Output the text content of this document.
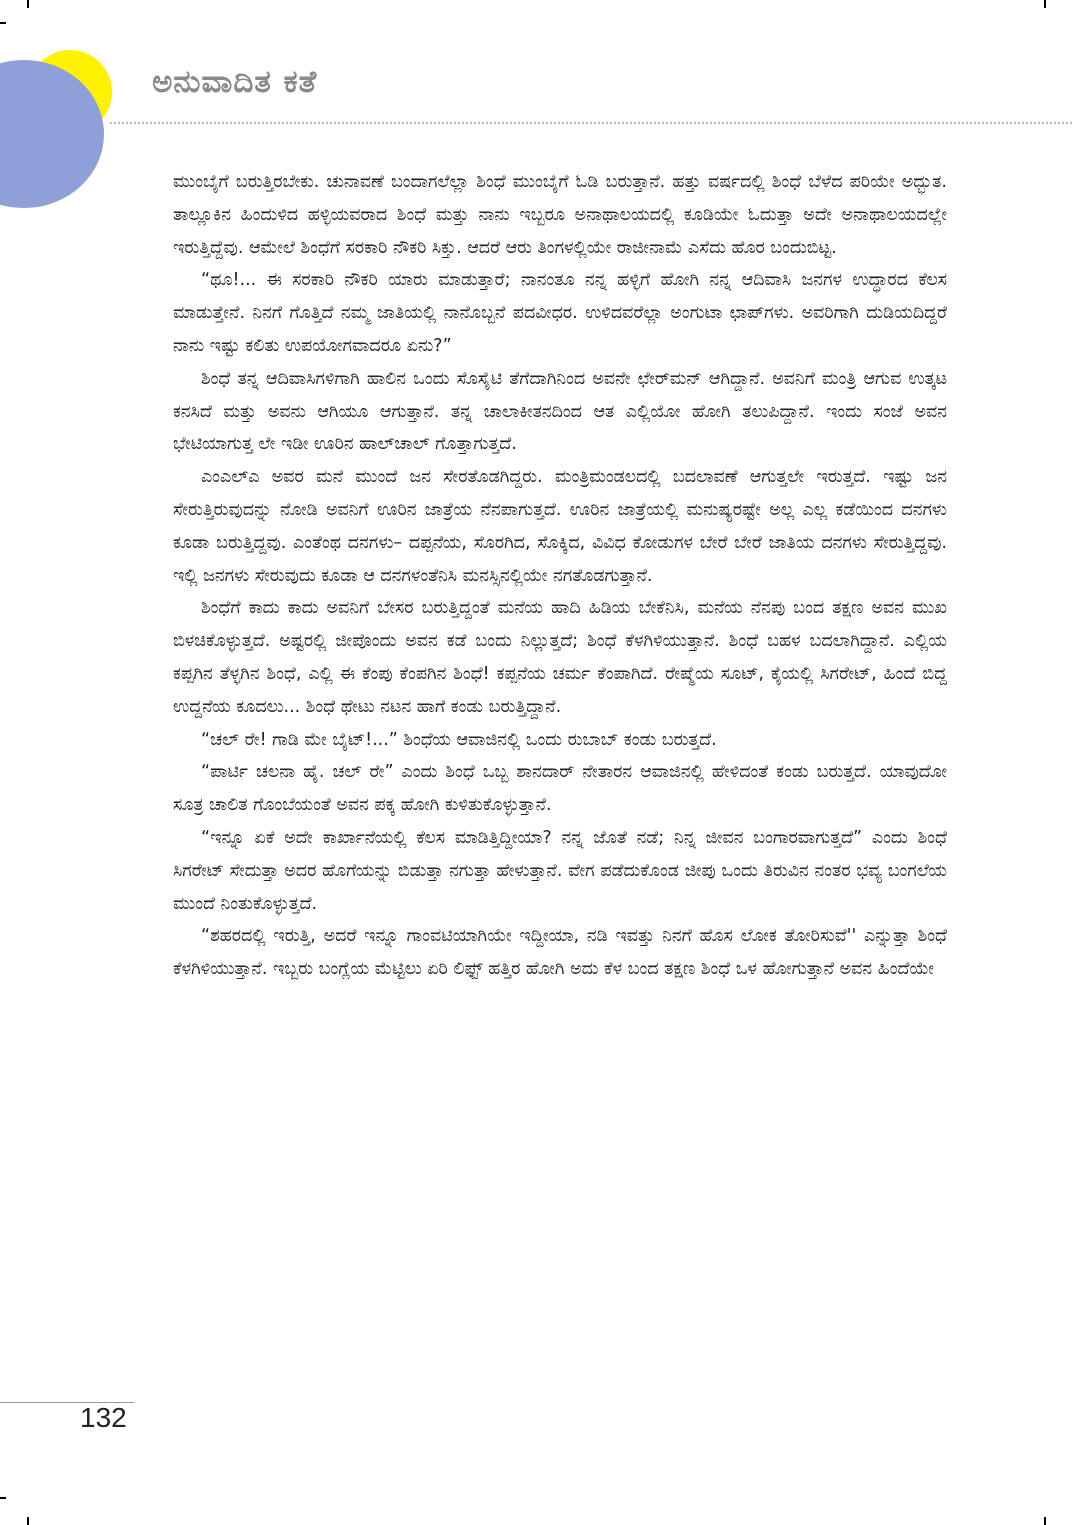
ಅನುವಾದಿತ ಕತೆ

ಮುಂಬೈಗೆ ಬರುತ್ತಿರಬೇಕು. ಚುನಾವಣೆ ಬಂದಾಗಲೆಲ್ಲಾ ಶಿಂಧೆ ಮುಂಬೈಗೆ ಓಡಿ ಬರುತ್ತಾನೆ. ಹತ್ತು ವರ್ಷದಲ್ಲಿ ಶಿಂಧೆ ಬೆಳೆದ ಪರಿಯೇ ಅದ್ಭುತ. ತಾಲ್ಲೂಕಿನ ಹಿಂದುಳಿದ ಹಳ್ಳಿಯವರಾದ ಶಿಂಧೆ ಮತ್ತು ನಾನು ಇಬ್ಬರೂ ಅನಾಥಾಲಯದಲ್ಲಿ ಕೂಡಿಯೇ ಓದುತ್ತಾ ಅದೇ ಅನಾಥಾಲಯದಲ್ಲೇ ಇರುತ್ತಿದ್ದೆವು. ಆಮೇಲೆ ಶಿಂಧೆಗೆ ಸರಕಾರಿ ನೌಕರಿ ಸಿಕ್ತು. ಆದರೆ ಆರು ತಿಂಗಳಲ್ಲಿಯೇ ರಾಜೀನಾಮೆ ಎಸೆದು ಹೊರ ಬಂದುಬಿಟ್ಟ.

“ಥೂ!... ಈ ಸರಕಾರಿ ನೌಕರಿ ಯಾರು ಮಾಡುತ್ತಾರೆ; ನಾನಂತೂ ನನ್ನ ಹಳ್ಳಿಗೆ ಹೋಗಿ ನನ್ನ ಆದಿವಾಸಿ ಜನಗಳ ಉದ್ಧಾರದ ಕೆಲಸ ಮಾಡುತ್ತೇನೆ. ನಿನಗೆ ಗೊತ್ತಿದೆ ನಮ್ಮ ಜಾತಿಯಲ್ಲಿ ನಾನೊಬ್ಬನೆ ಪದವೀಧರ. ಉಳಿದವರೆಲ್ಲಾ ಅಂಗುಟಾ ಛಾಪ್‌ಗಳು. ಅವರಿಗಾಗಿ ದುಡಿಯದಿದ್ದರೆ ನಾನು ಇಷ್ಟು ಕಲಿತು ಉಪಯೋಗವಾದರೂ ಏನು?”

ಶಿಂಧೆ ತನ್ನ ಆದಿವಾಸಿಗಳಿಗಾಗಿ ಹಾಲಿನ ಒಂದು ಸೊಸೈಟಿ ತೆಗೆದಾಗಿನಿಂದ ಅವನೇ ಛೇರ್‌ಮನ್ ಆಗಿದ್ದಾನೆ. ಅವನಿಗೆ ಮಂತ್ರಿ ಆಗುವ ಉತ್ಕಟ ಕನಸಿದೆ ಮತ್ತು ಅವನು ಆಗಿಯೂ ಆಗುತ್ತಾನೆ. ತನ್ನ ಚಾಲಾಕೀತನದಿಂದ ಆತ ಎಲ್ಲಿಯೋ ಹೋಗಿ ತಲುಪಿದ್ದಾನೆ. ಇಂದು ಸಂಜೆ ಅವನ ಭೇಟಿಯಾಗುತ್ತ ಲೇ ಇಡೀ ಊರಿನ ಹಾಲ್‌ಚಾಲ್ ಗೊತ್ತಾಗುತ್ತದೆ.

ಎಂಎಲ್‌ಎ ಅವರ ಮನೆ ಮುಂದೆ ಜನ ಸೇರತೊಡಗಿದ್ದರು. ಮಂತ್ರಿಮಂಡಲದಲ್ಲಿ ಬದಲಾವಣೆ ಆಗುತ್ತಲೇ ಇರುತ್ತದೆ. ಇಷ್ಟು ಜನ ಸೇರುತ್ತಿರುವುದನ್ನು ನೋಡಿ ಅವನಿಗೆ ಊರಿನ ಜಾತ್ರೆಯ ನೆನಪಾಗುತ್ತದೆ. ಊರಿನ ಜಾತ್ರೆಯಲ್ಲಿ ಮನುಷ್ಯರಷ್ಟೇ ಅಲ್ಲ ಎಲ್ಲ ಕಡೆಯಿಂದ ದನಗಳು ಕೂಡಾ ಬರುತ್ತಿದ್ದವು. ಎಂತೆಂಥ ದನಗಳು– ದಪ್ಪನೆಯ, ಸೊರಗಿದ, ಸೊಕ್ಕಿದ, ವಿವಿಧ ಕೋಡುಗಳ ಬೇರೆ ಬೇರೆ ಜಾತಿಯ ದನಗಳು ಸೇರುತ್ತಿದ್ದವು. ಇಲ್ಲಿ ಜನಗಳು ಸೇರುವುದು ಕೂಡಾ ಆ ದನಗಳಂತೆನಿಸಿ ಮನಸ್ಸಿನಲ್ಲಿಯೇ ನಗತೊಡಗುತ್ತಾನೆ.

ಶಿಂಧೆಗೆ ಕಾದು ಕಾದು ಅವನಿಗೆ ಬೇಸರ ಬರುತ್ತಿದ್ದಂತೆ ಮನೆಯ ಹಾದಿ ಹಿಡಿಯ ಬೇಕೆನಿಸಿ, ಮನೆಯ ನೆನಪು ಬಂದ ತಕ್ಷಣ ಅವನ ಮುಖ ಬಿಳಚಿಕೊಳ್ಳುತ್ತದೆ. ಅಷ್ಟರಲ್ಲಿ ಜೀಪೊಂದು ಅವನ ಕಡೆ ಬಂದು ನಿಲ್ಲುತ್ತದೆ; ಶಿಂಧೆ ಕೆಳಗಿಳಿಯುತ್ತಾನೆ. ಶಿಂಧೆ ಬಹಳ ಬದಲಾಗಿದ್ದಾನೆ. ಎಲ್ಲಿಯ ಕಪ್ಪಗಿನ ತೆಳ್ಳಗಿನ ಶಿಂಧೆ, ಎಲ್ಲಿ ಈ ಕೆಂಪು ಕೆಂಪಗಿನ ಶಿಂಧೆ! ಕಪ್ಪನೆಯ ಚರ್ಮ ಕೆಂಪಾಗಿದೆ. ರೇಷ್ಮೆಯ ಸೂಟ್, ಕೈಯಲ್ಲಿ ಸಿಗರೇಟ್, ಹಿಂದೆ ಬಿದ್ದ ಉದ್ದನೆಯ ಕೂದಲು... ಶಿಂಧೆ ಥೇಟು ನಟನ ಹಾಗೆ ಕಂಡು ಬರುತ್ತಿದ್ದಾನೆ.

“ಚಲ್ ರೇ! ಗಾಡಿ ಮೇ ಬೈಟ್!...” ಶಿಂಧೆಯ ಆವಾಜಿನಲ್ಲಿ ಒಂದು ರುಬಾಬ್ ಕಂಡು ಬರುತ್ತದೆ.

“ಪಾರ್ಟಿ ಚಲನಾ ಹೈ. ಚಲ್ ರೇ” ಎಂದು ಶಿಂಧೆ ಒಬ್ಬ ಶಾನದಾರ್ ನೇತಾರನ ಆವಾಜಿನಲ್ಲಿ ಹೇಳಿದಂತೆ ಕಂಡು ಬರುತ್ತದೆ. ಯಾವುದೋ ಸೂತ್ರ ಚಾಲಿತ ಗೊಂಬೆಯಂತೆ ಅವನ ಪಕ್ಕ ಹೋಗಿ ಕುಳಿತುಕೊಳ್ಳುತ್ತಾನೆ.

“ಇನ್ನೂ ಏಕೆ ಅದೇ ಕಾರ್ಖಾನೆಯಲ್ಲಿ ಕೆಲಸ ಮಾಡಿತ್ತಿದ್ದೀಯಾ? ನನ್ನ ಜೊತೆ ನಡೆ; ನಿನ್ನ ಜೀವನ ಬಂಗಾರವಾಗುತ್ತದೆ” ಎಂದು ಶಿಂಧೆ ಸಿಗರೇಟ್ ಸೇದುತ್ತಾ ಅದರ ಹೊಗೆಯನ್ನು ಬಿಡುತ್ತಾ ನಗುತ್ತಾ ಹೇಳುತ್ತಾನೆ. ವೇಗ ಪಡೆದುಕೊಂಡ ಜೀಪು ಒಂದು ತಿರುವಿನ ನಂತರ ಭವ್ಯ ಬಂಗಲೆಯ ಮುಂದೆ ನಿಂತುಕೊಳ್ಳುತ್ತದೆ.

“ಶಹರದಲ್ಲಿ ಇರುತ್ತಿ, ಅದರೆ ಇನ್ನೂ ಗಾಂವಟಿಯಾಗಿಯೇ ಇದ್ದೀಯಾ, ನಡಿ ಇವತ್ತು ನಿನಗೆ ಹೊಸ ಲೋಕ ತೋರಿಸುವೆ'' ಎನ್ನುತ್ತಾ ಶಿಂಧೆ ಕೆಳಗಿಳಿಯುತ್ತಾನೆ. ಇಬ್ಬರು ಬಂಗ್ಲೆಯ ಮೆಟ್ಟಿಲು ಏರಿ ಲಿಫ್ಟ್ ಹತ್ತಿರ ಹೋಗಿ ಅದು ಕೆಳ ಬಂದ ತಕ್ಷಣ ಶಿಂಧೆ ಒಳ ಹೋಗುತ್ತಾನೆ ಅವನ ಹಿಂದೆಯೇ

132
